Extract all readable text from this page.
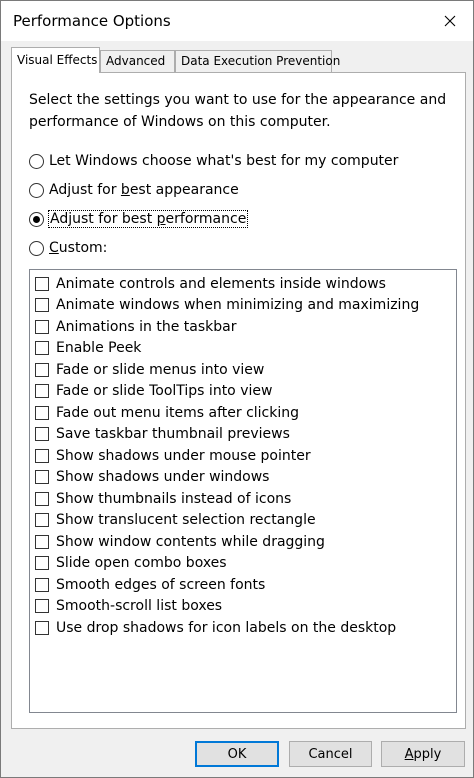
Performance Options
Visual Effects Advanced	Data Execution Prevention
Select the settings you want to use for the appearance and performance of Windows on this computer.
Let Windows choose what's best for my computer
Adjust for best appearance
Adjust for best performance
Custom:
Animate controls and elements inside windows
Animate windows when minimizing and maximizing
Animations in the taskbar
Enable Peek
Fade or slide menus into view
Fade or slide ToolTips into view
Fade out menu items after clicking
Save taskbar thumbnail previews
Show shadows under mouse pointer
Show shadows under windows
Show thumbnails instead of icons
Show translucent selection rectangle
Show window contents while dragging
Slide open combo boxes
Smooth edges of screen fonts
Smooth-scroll list boxes
Use drop shadows for icon labels on the desktop
OK	Cancel	A pply
